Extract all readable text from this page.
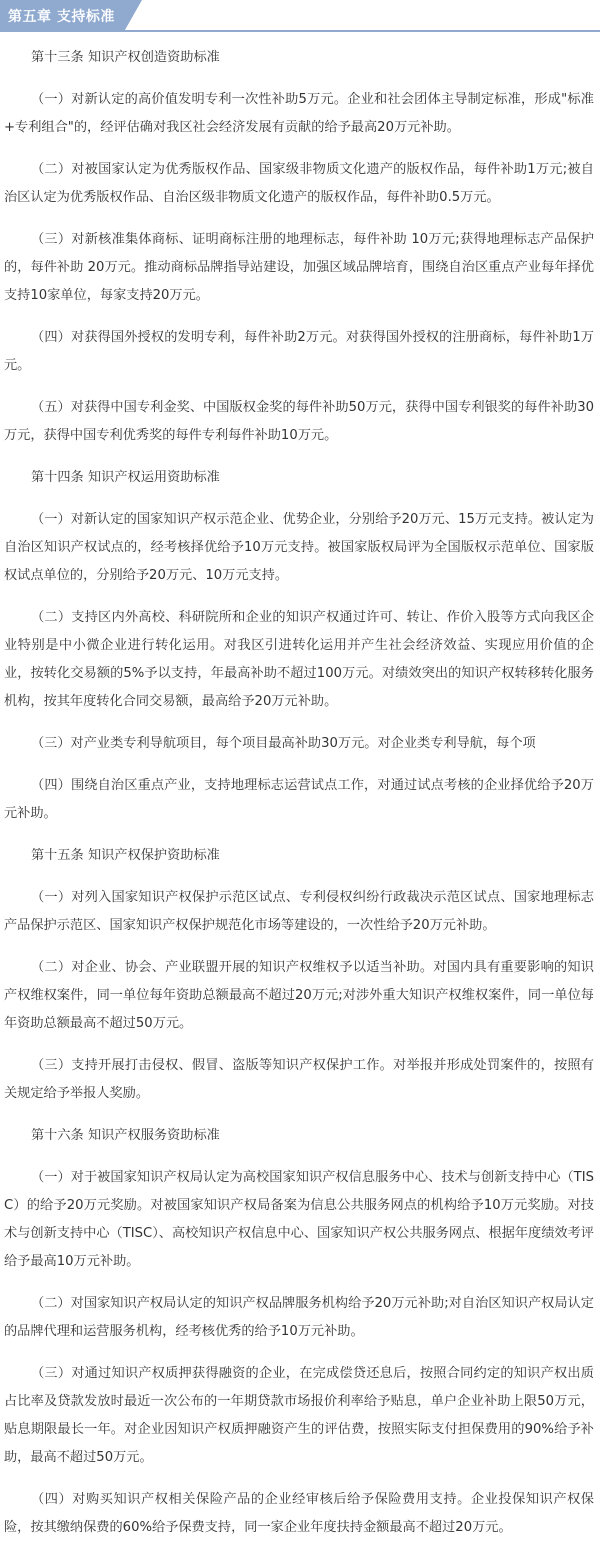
第五章 支持标准

第十三条 知识产权创造资助标准

（一）对新认定的高价值发明专利一次性补助5万元。企业和社会团体主导制定标准，形成"标准+专利组合"的，经评估确对我区社会经济发展有贡献的给予最高20万元补助。

（二）对被国家认定为优秀版权作品、国家级非物质文化遗产的版权作品，每件补助1万元;被自治区认定为优秀版权作品、自治区级非物质文化遗产的版权作品，每件补助0.5万元。

（三）对新核准集体商标、证明商标注册的地理标志，每件补助 10万元;获得地理标志产品保护的，每件补助 20万元。推动商标品牌指导站建设，加强区域品牌培育，围绕自治区重点产业每年择优支持10家单位，每家支持20万元。

（四）对获得国外授权的发明专利，每件补助2万元。对获得国外授权的注册商标，每件补助1万元。

（五）对获得中国专利金奖、中国版权金奖的每件补助50万元，获得中国专利银奖的每件补助30万元，获得中国专利优秀奖的每件专利每件补助10万元。

第十四条 知识产权运用资助标准

（一）对新认定的国家知识产权示范企业、优势企业，分别给予20万元、15万元支持。被认定为自治区知识产权试点的，经考核择优给予10万元支持。被国家版权局评为全国版权示范单位、国家版权试点单位的，分别给予20万元、10万元支持。

（二）支持区内外高校、科研院所和企业的知识产权通过许可、转让、作价入股等方式向我区企业特别是中小微企业进行转化运用。对我区引进转化运用并产生社会经济效益、实现应用价值的企业，按转化交易额的5%予以支持，年最高补助不超过100万元。对绩效突出的知识产权转移转化服务机构，按其年度转化合同交易额，最高给予20万元补助。

（三）对产业类专利导航项目，每个项目最高补助30万元。对企业类专利导航，每个项

（四）围绕自治区重点产业，支持地理标志运营试点工作，对通过试点考核的企业择优给予20万元补助。

第十五条 知识产权保护资助标准

（一）对列入国家知识产权保护示范区试点、专利侵权纠纷行政裁决示范区试点、国家地理标志产品保护示范区、国家知识产权保护规范化市场等建设的，一次性给予20万元补助。

（二）对企业、协会、产业联盟开展的知识产权维权予以适当补助。对国内具有重要影响的知识产权维权案件，同一单位每年资助总额最高不超过20万元;对涉外重大知识产权维权案件，同一单位每年资助总额最高不超过50万元。

（三）支持开展打击侵权、假冒、盗版等知识产权保护工作。对举报并形成处罚案件的，按照有关规定给予举报人奖励。

第十六条 知识产权服务资助标准

（一）对于被国家知识产权局认定为高校国家知识产权信息服务中心、技术与创新支持中心（TISC）的给予20万元奖励。对被国家知识产权局备案为信息公共服务网点的机构给予10万元奖励。对技术与创新支持中心（TISC）、高校知识产权信息中心、国家知识产权公共服务网点、根据年度绩效考评给予最高10万元补助。

（二）对国家知识产权局认定的知识产权品牌服务机构给予20万元补助;对自治区知识产权局认定的品牌代理和运营服务机构，经考核优秀的给予10万元补助。

（三）对通过知识产权质押获得融资的企业，在完成偿贷还息后，按照合同约定的知识产权出质占比率及贷款发放时最近一次公布的一年期贷款市场报价利率给予贴息，单户企业补助上限50万元，贴息期限最长一年。对企业因知识产权质押融资产生的评估费，按照实际支付担保费用的90%给予补助，最高不超过50万元。

（四）对购买知识产权相关保险产品的企业经审核后给予保险费用支持。企业投保知识产权保险，按其缴纳保费的60%给予保费支持，同一家企业年度扶持金额最高不超过20万元。
